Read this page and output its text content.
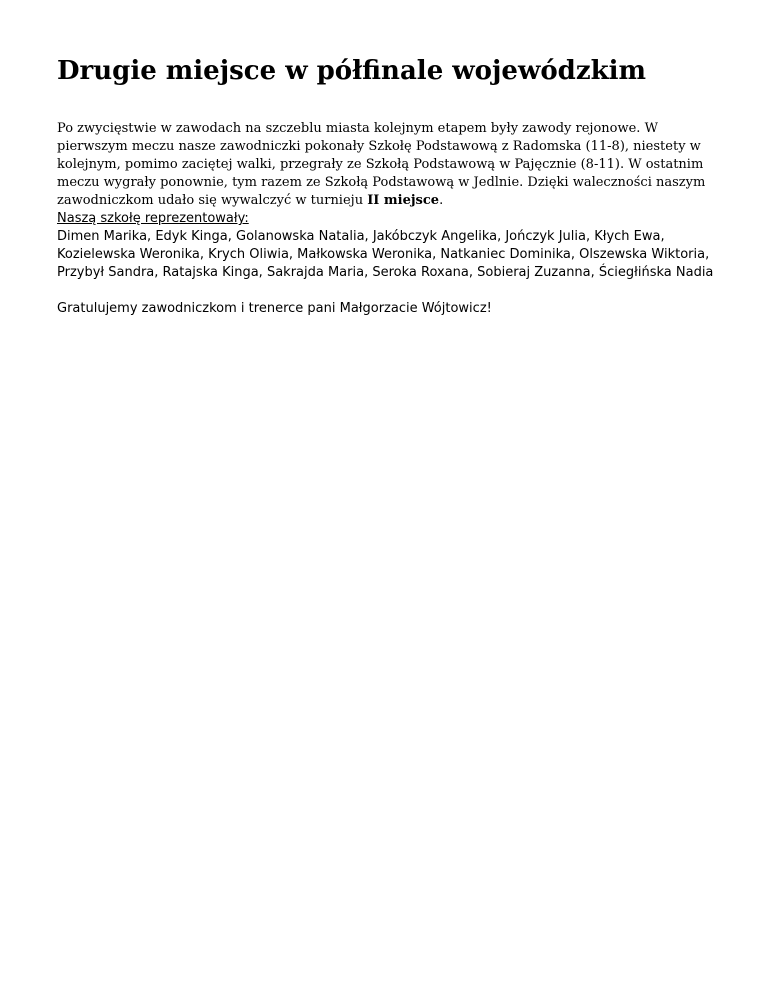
Drugie miejsce w półfinale wojewódzkim

Po zwycięstwie w zawodach na szczeblu miasta kolejnym etapem były zawody rejonowe. W pierwszym meczu nasze zawodniczki pokonały Szkołę Podstawową z Radomska (11-8), niestety w kolejnym, pomimo zaciętej walki, przegrały ze Szkołą Podstawową w Pajęcznie (8-11). W ostatnim meczu wygrały ponownie, tym razem ze Szkołą Podstawową w Jedlnie. Dzięki waleczności naszym zawodniczkom udało się wywalczyć w turnieju II miejsce.

Naszą szkołę reprezentowały:

Dimen Marika, Edyk Kinga, Golanowska Natalia, Jakóbczyk Angelika, Jończyk Julia, Kłych Ewa, Kozielewska Weronika, Krych Oliwia, Małkowska Weronika, Natkaniec Dominika, Olszewska Wiktoria, Przybył Sandra, Ratajska Kinga, Sakrajda Maria, Seroka Roxana, Sobieraj Zuzanna, Ściegłińska Nadia

Gratulujemy zawodniczkom i trenerce pani Małgorzacie Wójtowicz!
